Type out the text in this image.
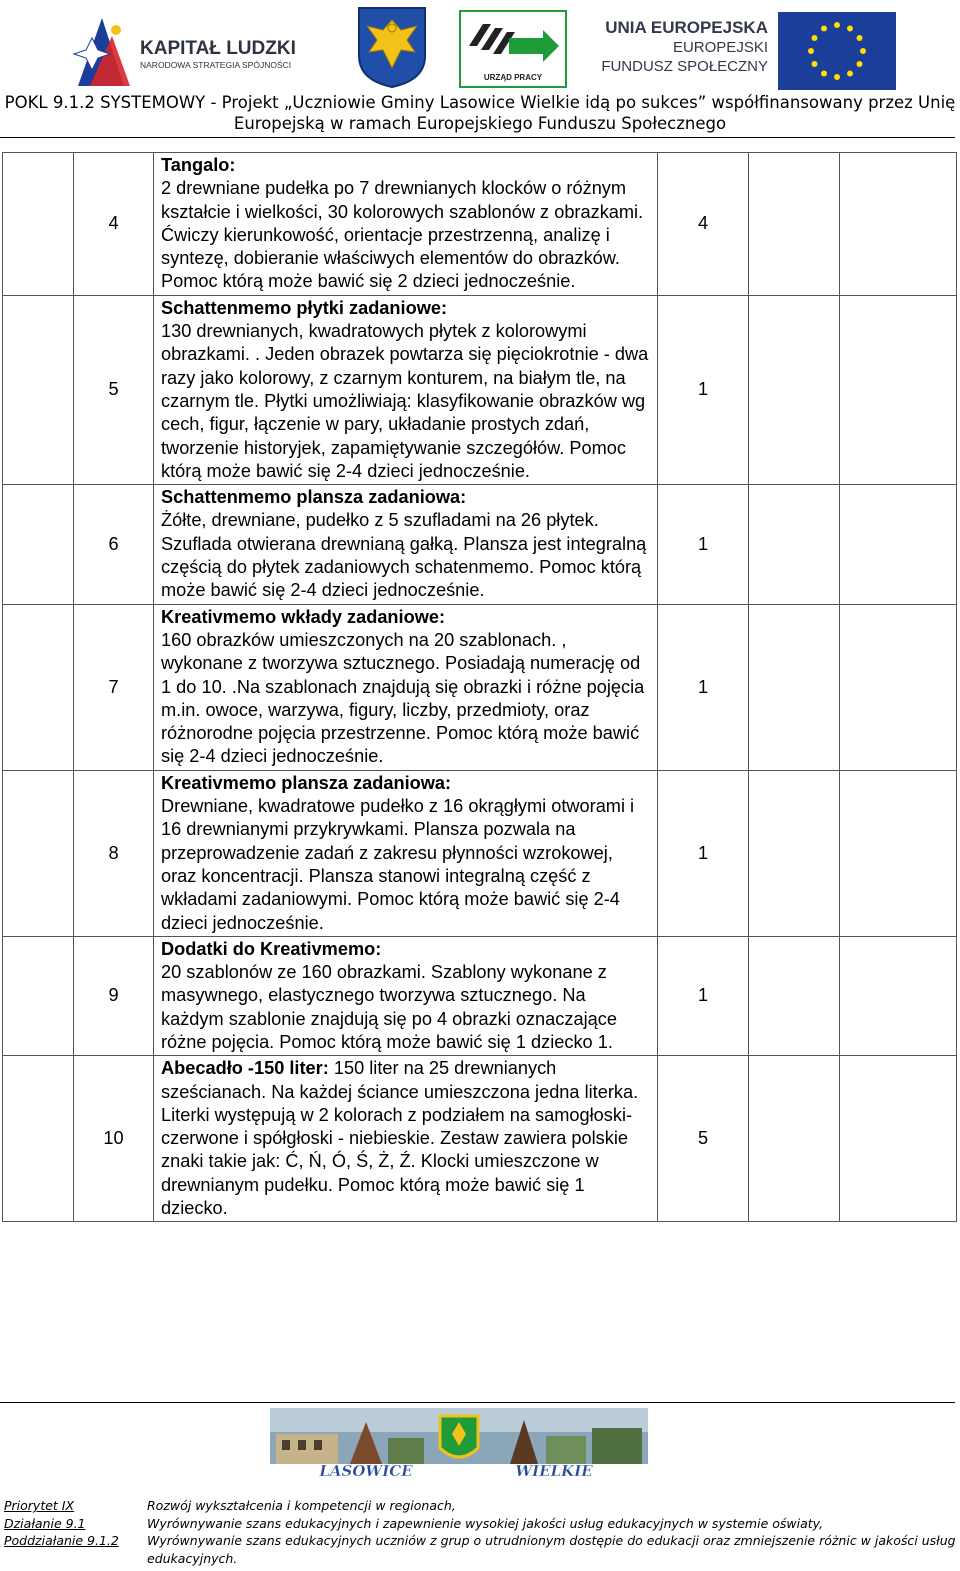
KAPITAŁ LUDZKI
NARODOWA STRATEGIA SPÓJNOŚCI
URZĄD PRACY
UNIA EUROPEJSKA
EUROPEJSKI
FUNDUSZ SPOŁECZNY
POKL 9.1.2 SYSTEMOWY - Projekt „Uczniowie Gminy Lasowice Wielkie idą po sukces” współfinansowany przez Unię
Europejską w ramach Europejskiego Funduszu Społecznego
	4	Tangalo:
2 drewniane pudełka po 7 drewnianych klocków o różnym kształcie i wielkości, 30 kolorowych szablonów z obrazkami. Ćwiczy kierunkowość, orientacje przestrzenną, analizę i syntezę, dobieranie właściwych elementów do obrazków. Pomoc którą może bawić się 2 dzieci jednocześnie.	4		
	5	Schattenmemo płytki zadaniowe:
130 drewnianych, kwadratowych płytek z kolorowymi obrazkami. . Jeden obrazek powtarza się pięciokrotnie - dwa razy jako kolorowy, z czarnym konturem, na białym tle, na czarnym tle. Płytki umożliwiają: klasyfikowanie obrazków wg cech, figur, łączenie w pary, układanie prostych zdań, tworzenie historyjek, zapamiętywanie szczegółów. Pomoc którą może bawić się 2-4 dzieci jednocześnie.	1		
	6	Schattenmemo plansza zadaniowa:
Żółte, drewniane, pudełko z 5 szufladami na 26 płytek. Szuflada otwierana drewnianą gałką. Plansza jest integralną częścią do płytek zadaniowych schatenmemo. Pomoc którą może bawić się 2-4 dzieci jednocześnie.	1		
	7	Kreativmemo wkłady zadaniowe:
160 obrazków umieszczonych na 20 szablonach. , wykonane z tworzywa sztucznego. Posiadają numerację od 1 do 10. .Na szablonach znajdują się obrazki i różne pojęcia m.in. owoce, warzywa, figury, liczby, przedmioty, oraz różnorodne pojęcia przestrzenne. Pomoc którą może bawić się 2-4 dzieci jednocześnie.	1		
	8	Kreativmemo plansza zadaniowa:
Drewniane, kwadratowe pudełko z 16 okrągłymi otworami i 16 drewnianymi przykrywkami. Plansza pozwala na przeprowadzenie zadań z zakresu płynności wzrokowej, oraz koncentracji. Plansza stanowi integralną część z wkładami zadaniowymi. Pomoc którą może bawić się 2-4 dzieci jednocześnie.	1		
	9	Dodatki do Kreativmemo:
20 szablonów ze 160 obrazkami. Szablony wykonane z masywnego, elastycznego tworzywa sztucznego. Na każdym szablonie znajdują się po 4 obrazki oznaczające różne pojęcia. Pomoc którą może bawić się 1 dziecko 1.	1		
	10	Abecadło -150 liter: 150 liter na 25 drewnianych sześcianach. Na każdej ściance umieszczona jedna literka. Literki występują w 2 kolorach z podziałem na samogłoski- czerwone i spółgłoski - niebieskie. Zestaw zawiera polskie znaki takie jak: Ć, Ń, Ó, Ś, Ż, Ź. Klocki umieszczone w drewnianym pudełku. Pomoc którą może bawić się 1 dziecko.	5		
LASOWICE	WIELKIE
Priorytet IX
Działanie 9.1
Poddziałanie 9.1.2
Rozwój wykształcenia i kompetencji w regionach,
Wyrównywanie szans edukacyjnych i zapewnienie wysokiej jakości usług edukacyjnych w systemie oświaty,
Wyrównywanie szans edukacyjnych uczniów z grup o utrudnionym dostępie do edukacji oraz zmniejszenie różnic w jakości usług edukacyjnych.
